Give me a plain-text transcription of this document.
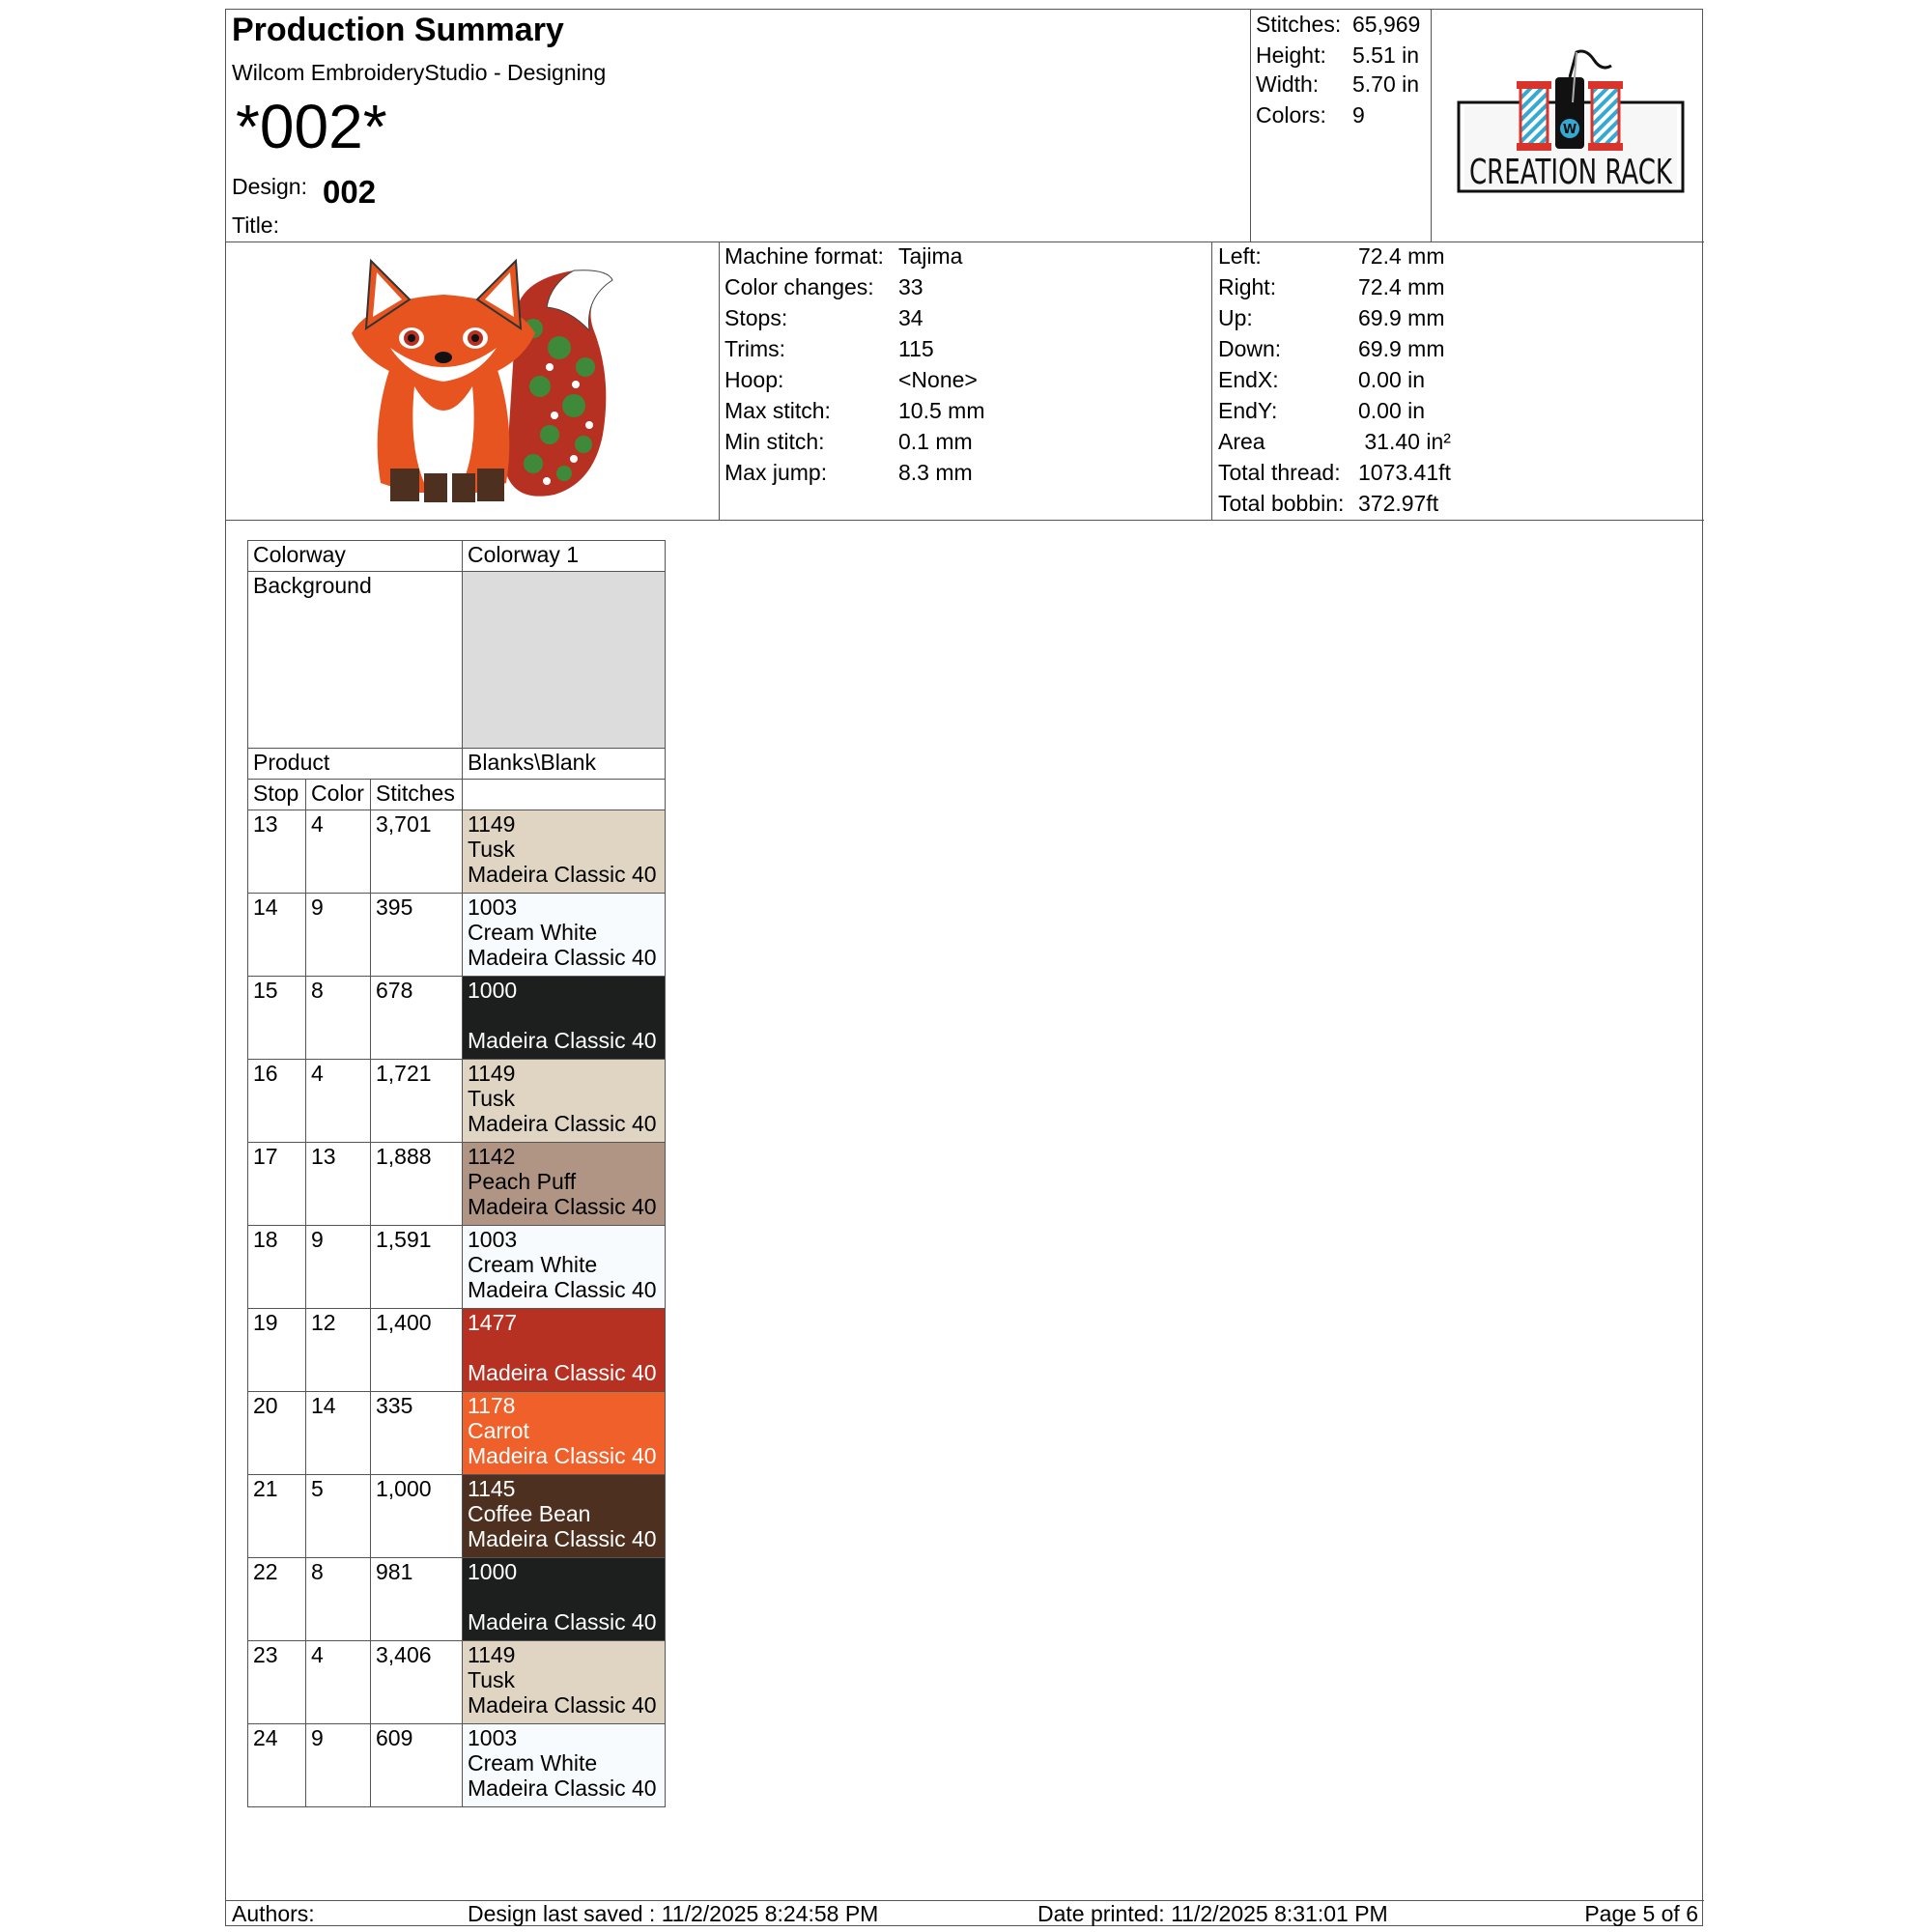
Production Summary
Wilcom EmbroideryStudio - Designing
*002*
Design: 002
Title:
Stitches: 65,969
Height: 5.51 in
Width: 5.70 in
Colors: 9
W
CREATION RACK
Machine format: Tajima
Color changes: 33
Stops:	34
Trims:	115
Hoop:	<None>
Max stitch:	10.5 mm
Min stitch:	0.1 mm
Max jump:	8.3 mm
Left:	72.4 mm
Right:	72.4 mm
Up:	69.9 mm
Down:	69.9 mm
EndX:	0.00 in
EndY:	0.00 in
Area	31.40 in²
Total thread: 1073.41ft
Total bobbin: 372.97ft
Authors:	Design last saved : 11/2/2025 8:24:58 PM	Date printed: 11/2/2025 8:31:01 PM	Page 5 of 6
Colorway	Colorway 1
Background
Product	Blanks\Blank
Stop Color Stitches
13	4	3,701	1149
Tusk
Madeira Classic 40
14	9	395	1003
Cream White
Madeira Classic 40
15	8	678	1000
Madeira Classic 40
16	4	1,721	1149
Tusk
Madeira Classic 40
17	13	1,888	1142
Peach Puff
Madeira Classic 40
18	9	1,591	1003
Cream White
Madeira Classic 40
19	12	1,400	1477
Madeira Classic 40
20	14	335	1178
Carrot
Madeira Classic 40
21	5	1,000	1145
Coffee Bean
Madeira Classic 40
22	8	981	1000
Madeira Classic 40
23	4	3,406	1149
Tusk
Madeira Classic 40
24	9	609	1003
Cream White
Madeira Classic 40
